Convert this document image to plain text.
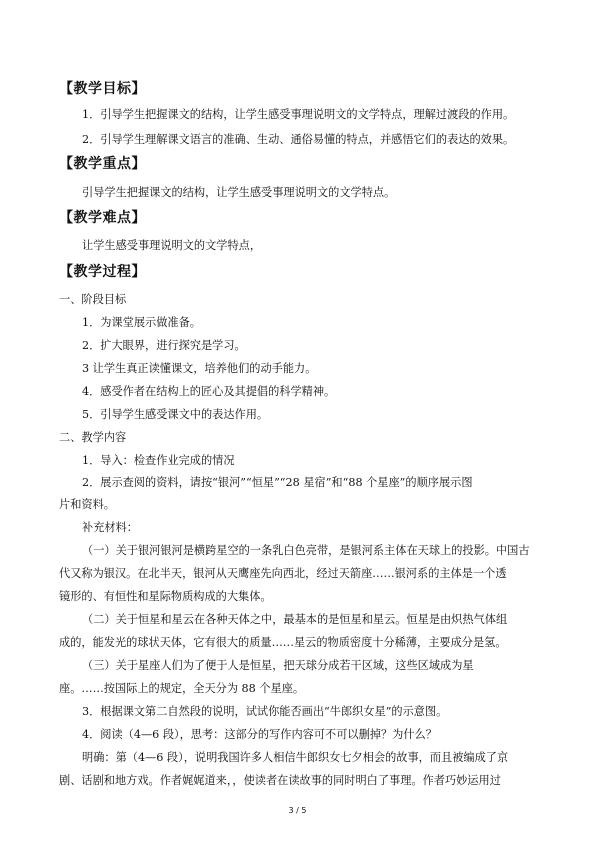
【教学目标】
1．引导学生把握课文的结构，让学生感受事理说明文的文学特点，理解过渡段的作用。
2．引导学生理解课文语言的准确、生动、通俗易懂的特点，并感悟它们的表达的效果。
【教学重点】
引导学生把握课文的结构，让学生感受事理说明文的文学特点。
【教学难点】
让学生感受事理说明文的文学特点，
【教学过程】
一、阶段目标
1．为课堂展示做准备。
2．扩大眼界，进行探究是学习。
3 让学生真正读懂课文，培养他们的动手能力。
4．感受作者在结构上的匠心及其提倡的科学精神。
5．引导学生感受课文中的表达作用。
二、教学内容
1．导入：检查作业完成的情况
2．展示查阅的资料，请按“银河”“恒星”“28 星宿”和“88 个星座”的顺序展示图
片和资料。
补充材料：
（一）关于银河银河是横跨星空的一条乳白色亮带，是银河系主体在天球上的投影。中国古
代又称为银汉。在北半天，银河从天鹰座先向西北，经过天箭座……银河系的主体是一个透
镜形的、有恒性和星际物质构成的大集体。
（二）关于恒星和星云在各种天体之中，最基本的是恒星和星云。恒星是由炽热气体组
成的，能发光的球状天体，它有很大的质量……星云的物质密度十分稀薄，主要成分是氢。
（三）关于星座人们为了便于人是恒星，把天球分成若干区域，这些区域成为星
座。……按国际上的规定，全天分为 88 个星座。
3．根据课文第二自然段的说明，试试你能否画出“牛郎织女星”的示意图。
4．阅读（4—6 段），思考：这部分的写作内容可不可以删掉？为什么？
明确：第（4—6 段），说明我国许多人相信牛郎织女七夕相会的故事，而且被编成了京
剧、话剧和地方戏。作者娓娓道来，，使读者在读故事的同时明白了事理。作者巧妙运用过
3 / 5
